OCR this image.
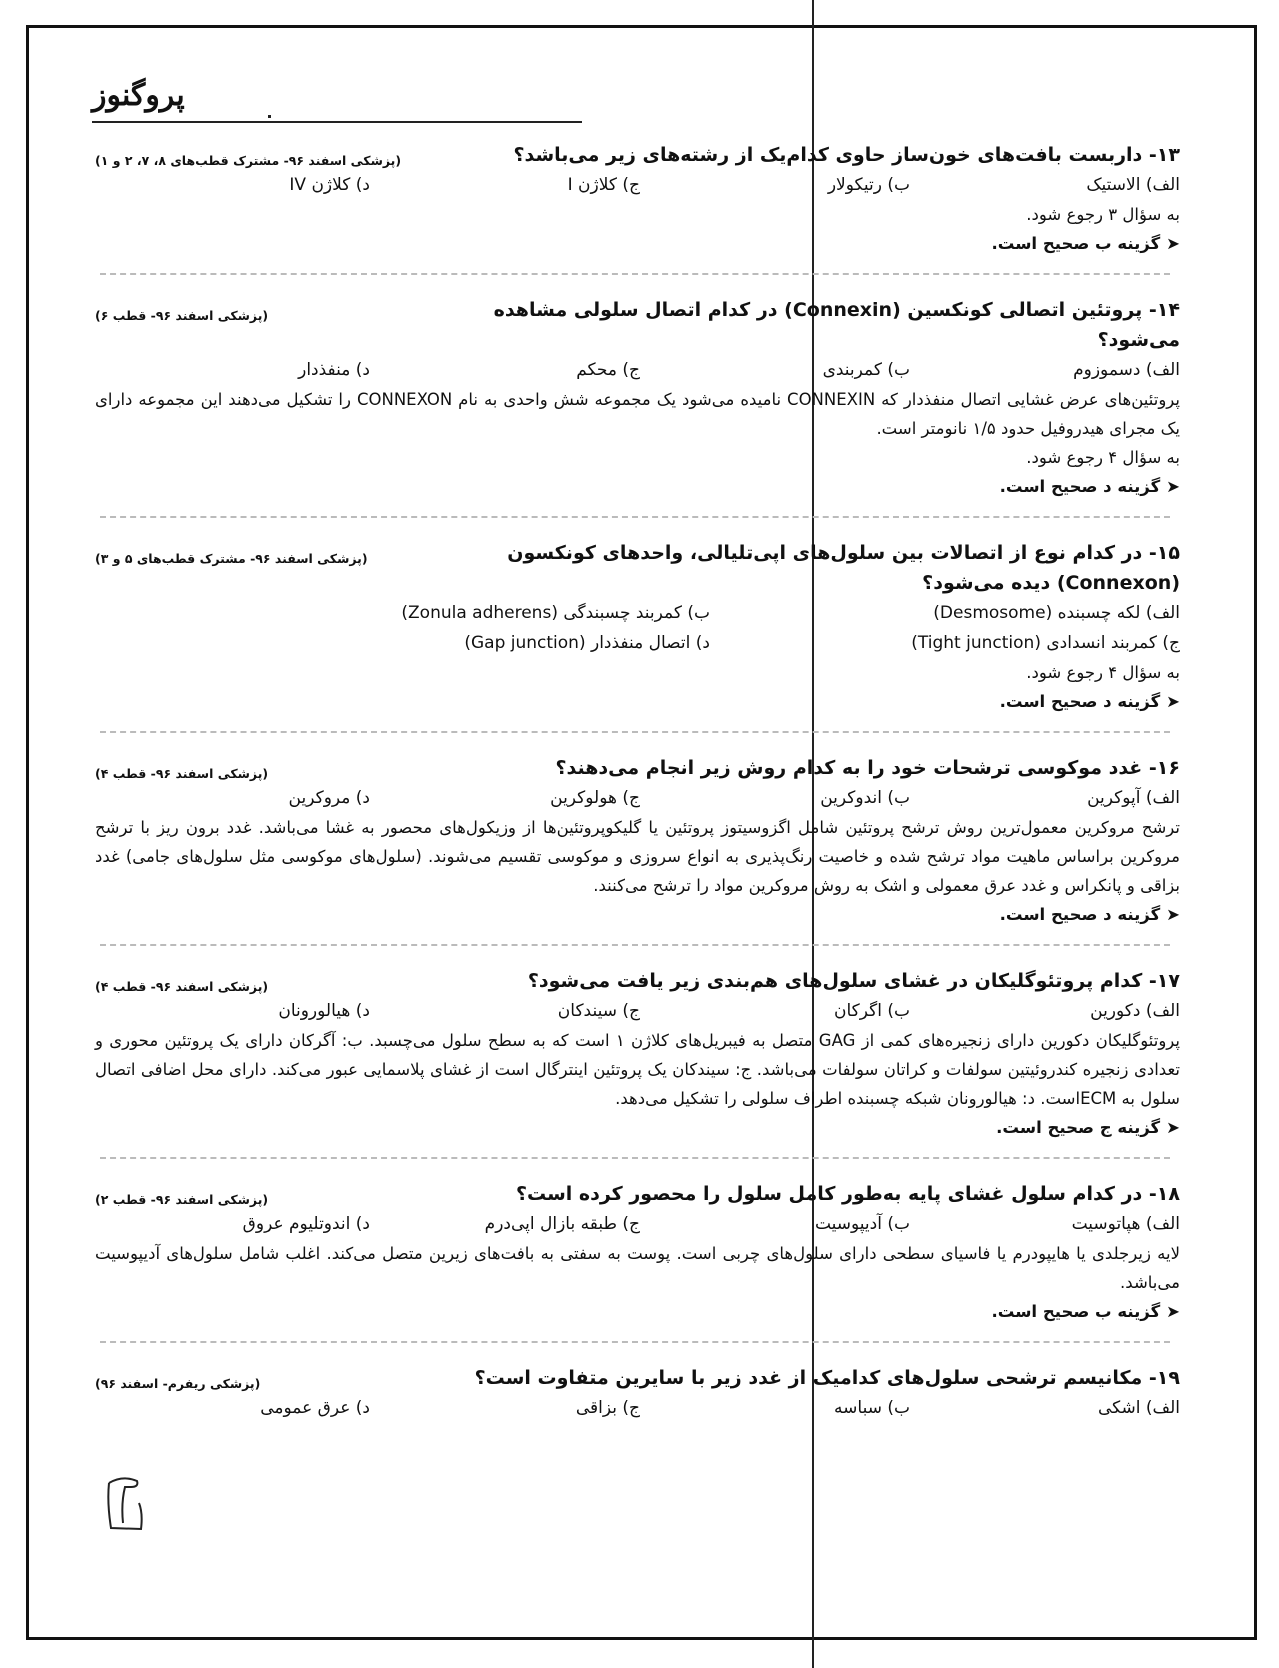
پروگنوز
۱۳- داربست بافت‌های خون‌ساز حاوی کدام‌یک از رشته‌های زیر می‌باشد؟
(پزشکی اسفند ۹۶- مشترک قطب‌های ۸، ۷، ۲ و ۱)
الف) الاستیک
ب) رتیکولار
ج) کلاژن I
د) کلاژن IV
به سؤال ۳ رجوع شود.
➤گزینه ب صحیح است.
۱۴- پروتئین اتصالی کونکسین (Connexin) در کدام اتصال سلولی مشاهده می‌شود؟
(پزشکی اسفند ۹۶- قطب ۶)
الف) دسموزوم
ب) کمربندی
ج) محکم
د) منفذدار
پروتئین‌های عرض غشایی اتصال منفذدار که CONNEXIN نامیده می‌شود یک مجموعه شش واحدی به نام CONNEXON را تشکیل می‌دهند این مجموعه دارای یک مجرای هیدروفیل حدود ۱/۵ نانومتر است.
به سؤال ۴ رجوع شود.
➤گزینه د صحیح است.
۱۵- در کدام نوع از اتصالات بین سلول‌های اپی‌تلیالی، واحدهای کونکسون (Connexon) دیده می‌شود؟
(پزشکی اسفند ۹۶- مشترک قطب‌های ۵ و ۳)
الف) لکه چسبنده (Desmosome)
ب) کمربند چسبندگی (Zonula adherens)
ج) کمربند انسدادی (Tight junction)
د) اتصال منفذدار (Gap junction)
به سؤال ۴ رجوع شود.
➤گزینه د صحیح است.
۱۶- غدد موکوسی ترشحات خود را به کدام روش زیر انجام می‌دهند؟
(پزشکی اسفند ۹۶- قطب ۴)
الف) آپوکرین
ب) اندوکرین
ج) هولوکرین
د) مروکرین
ترشح مروکرین معمول‌ترین روش ترشح پروتئین شامل اگزوسیتوز پروتئین یا گلیکوپروتئین‌ها از وزیکول‌های محصور به غشا می‌باشد. غدد برون ریز با ترشح مروکرین براساس ماهیت مواد ترشح شده و خاصیت رنگ‌پذیری به انواع سروزی و موکوسی تقسیم می‌شوند. (سلول‌های موکوسی مثل سلول‌های جامی) غدد بزاقی و پانکراس و غدد عرق معمولی و اشک به روش مروکرین مواد را ترشح می‌کنند.
➤گزینه د صحیح است.
۱۷- کدام پروتئوگلیکان در غشای سلول‌های هم‌بندی زیر یافت می‌شود؟
(پزشکی اسفند ۹۶- قطب ۴)
الف) دکورین
ب) اگرکان
ج) سیندکان
د) هیالورونان
پروتئوگلیکان دکورین دارای زنجیره‌های کمی از GAG متصل به فیبریل‌های کلاژن ۱ است که به سطح سلول می‌چسبد. ب: آگرکان دارای یک پروتئین محوری و تعدادی زنجیره کندروئیتین سولفات و کراتان سولفات می‌باشد. ج: سیندکان یک پروتئین اینترگال است از غشای پلاسمایی عبور می‌کند. دارای محل اضافی اتصال سلول به ECMاست. د: هیالورونان شبکه چسبنده اطراف سلولی را تشکیل می‌دهد.
➤گزینه ج صحیح است.
۱۸- در کدام سلول غشای پایه به‌طور کامل سلول را محصور کرده است؟
(پزشکی اسفند ۹۶- قطب ۲)
الف) هپاتوسیت
ب) آدیپوسیت
ج) طبقه بازال اپی‌درم
د) اندوتلیوم عروق
لایه زیرجلدی یا هایپودرم یا فاسیای سطحی دارای سلول‌های چربی است. پوست به سفتی به بافت‌های زیرین متصل می‌کند. اغلب شامل سلول‌های آدیپوسیت می‌باشد.
➤گزینه ب صحیح است.
۱۹- مکانیسم ترشحی سلول‌های کدامیک از غدد زیر با سایرین متفاوت است؟
(پزشکی ریفرم- اسفند ۹۶)
الف) اشکی
ب) سباسه
ج) بزاقی
د) عرق عمومی
